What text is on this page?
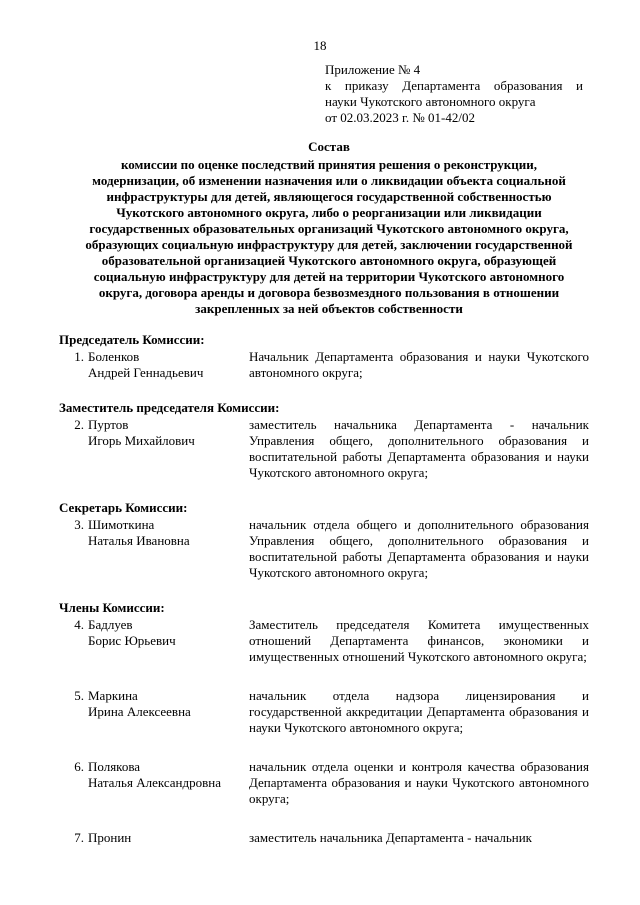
18
Приложение № 4
к приказу Департамента образования и
науки Чукотского автономного округа
от 02.03.2023 г. № 01-42/02
Состав
комиссии по оценке последствий принятия решения о реконструкции,
модернизации, об изменении назначения или о ликвидации объекта социальной
инфраструктуры для детей, являющегося государственной собственностью
Чукотского автономного округа, либо о реорганизации или ликвидации
государственных образовательных организаций Чукотского автономного округа,
образующих социальную инфраструктуру для детей, заключении государственной
образовательной организацией Чукотского автономного округа, образующей
социальную инфраструктуру для детей на территории Чукотского автономного
округа, договора аренды и договора безвозмездного пользования в отношении
закрепленных за ней объектов собственности
Председатель Комиссии:
1. Боленков
Андрей Геннадьевич
Начальник Департамента образования и науки Чукотского автономного округа;
Заместитель председателя Комиссии:
2. Пуртов
Игорь Михайлович
заместитель начальника Департамента - начальник Управления общего, дополнительного образования и воспитательной работы Департамента образования и науки Чукотского автономного округа;
Секретарь Комиссии:
3. Шимоткина
Наталья Ивановна
начальник отдела общего и дополнительного образования Управления общего, дополнительного образования и воспитательной работы Департамента образования и науки Чукотского автономного округа;
Члены Комиссии:
4. Бадлуев
Борис Юрьевич
Заместитель председателя Комитета имущественных отношений Департамента финансов, экономики и имущественных отношений Чукотского автономного округа;
5. Маркина
Ирина Алексеевна
начальник отдела надзора лицензирования и государственной аккредитации Департамента образования и науки Чукотского автономного округа;
6. Полякова
Наталья Александровна
начальник отдела оценки и контроля качества образования Департамента образования и науки Чукотского автономного округа;
7. Пронин	заместитель начальника Департамента - начальник
